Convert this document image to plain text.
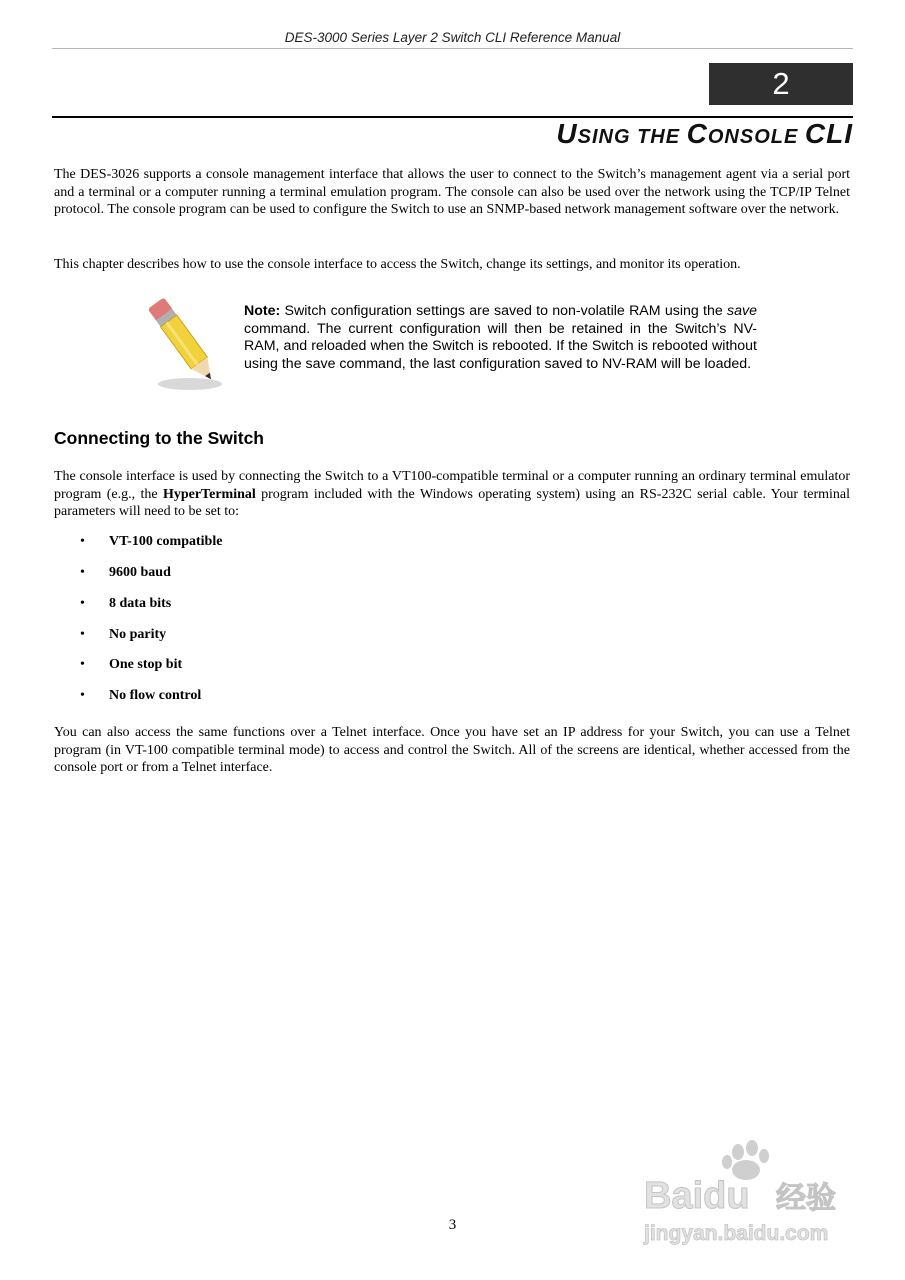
DES-3000 Series Layer 2 Switch CLI Reference Manual
2
USING THE CONSOLE CLI

The DES-3026 supports a console management interface that allows the user to connect to the Switch’s management agent via a serial port and a terminal or a computer running a terminal emulation program. The console can also be used over the network using the TCP/IP Telnet protocol. The console program can be used to configure the Switch to use an SNMP-based network management software over the network.

This chapter describes how to use the console interface to access the Switch, change its settings, and monitor its operation.

Note: Switch configuration settings are saved to non-volatile RAM using the save command. The current configuration will then be retained in the Switch’s NV-RAM, and reloaded when the Switch is rebooted. If the Switch is rebooted without using the save command, the last configuration saved to NV-RAM will be loaded.

Connecting to the Switch

The console interface is used by connecting the Switch to a VT100-compatible terminal or a computer running an ordinary terminal emulator program (e.g., the HyperTerminal program included with the Windows operating system) using an RS-232C serial cable. Your terminal parameters will need to be set to:

• VT-100 compatible
• 9600 baud
• 8 data bits
• No parity
• One stop bit
• No flow control

You can also access the same functions over a Telnet interface. Once you have set an IP address for your Switch, you can use a Telnet program (in VT-100 compatible terminal mode) to access and control the Switch. All of the screens are identical, whether accessed from the console port or from a Telnet interface.

3
Baidu 经验
jingyan.baidu.com
